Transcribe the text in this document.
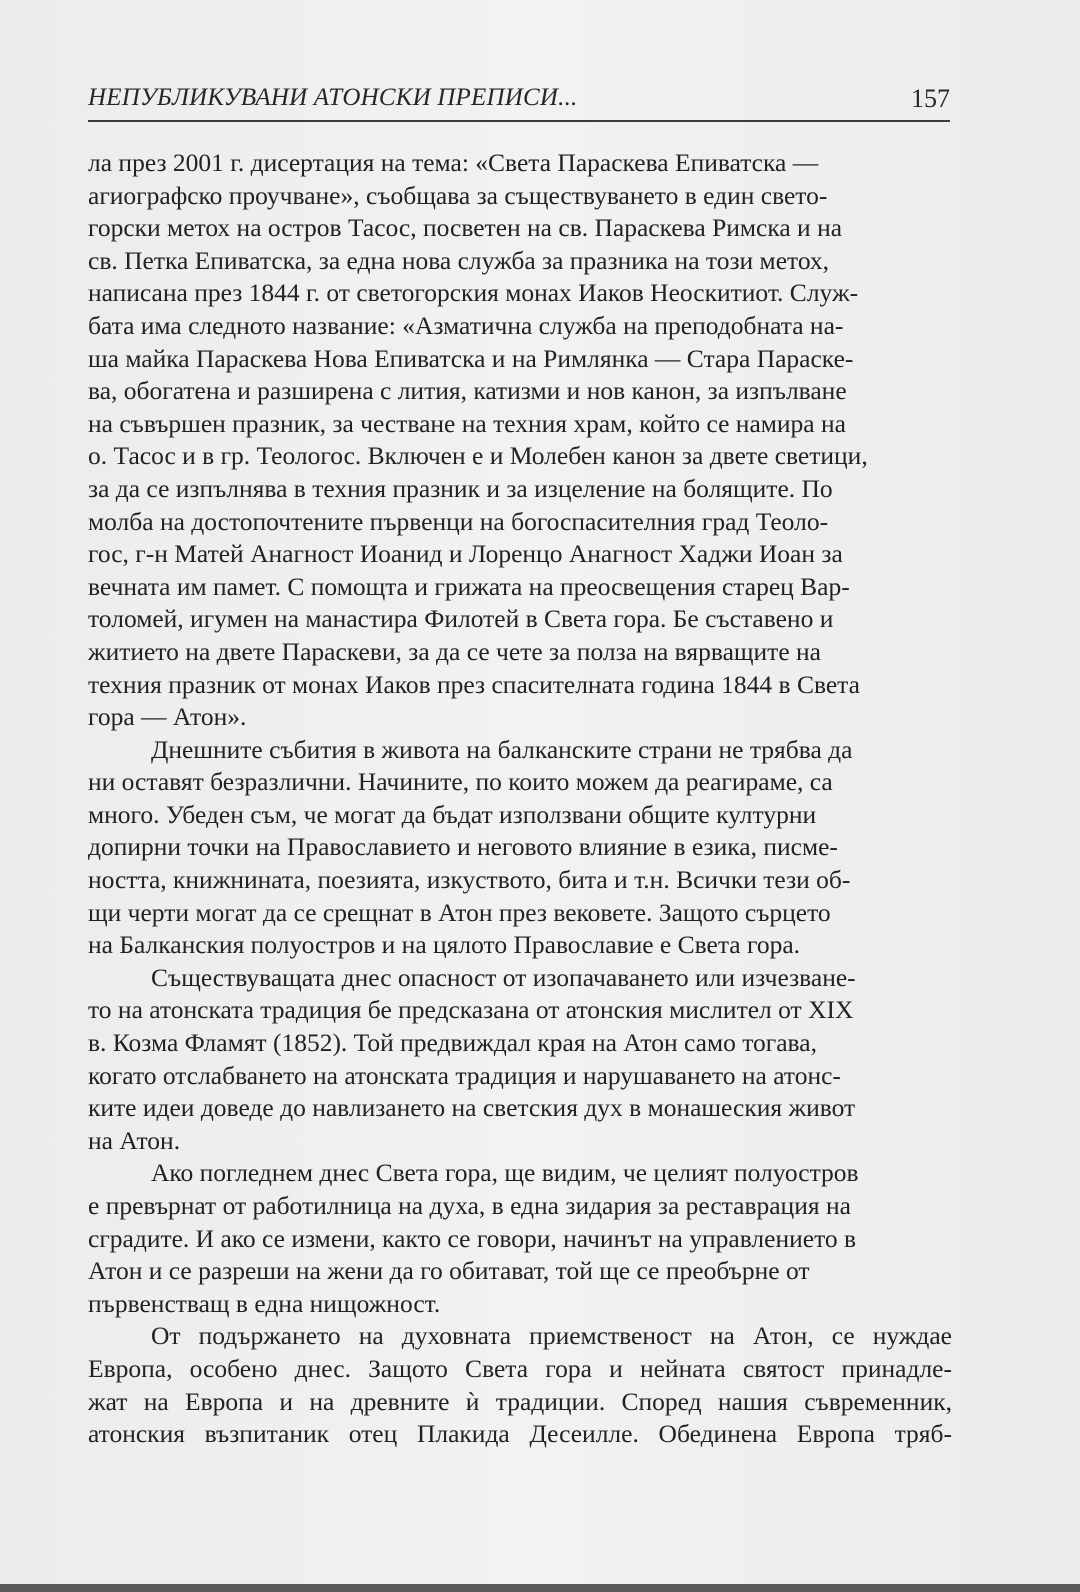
НЕПУБЛИКУВАНИ АТОНСКИ ПРЕПИСИ...	157

ла през 2001 г. дисертация на тема: «Света Параскева Епиватска —
агиографско проучване», съобщава за съществуването в един свето-
горски метох на остров Тасос, посветен на св. Параскева Римска и на
св. Петка Епиватска, за една нова служба за празника на този метох,
написана през 1844 г. от светогорския монах Иаков Неоскитиот. Служ-
бата има следното название: «Азматична служба на преподобната на-
ша майка Параскева Нова Епиватска и на Римлянка — Стара Параске-
ва, обогатена и разширена с лития, катизми и нов канон, за изпълване
на съвършен празник, за честване на техния храм, който се намира на
о. Тасос и в гр. Теологос. Включен е и Молебен канон за двете светици,
за да се изпълнява в техния празник и за изцеление на болящите. По
молба на достопочтените първенци на богоспасителния град Теоло-
гос, г-н Матей Анагност Иоанид и Лоренцо Анагност Хаджи Иоан за
вечната им памет. С помощта и грижата на преосвещения старец Вар-
толомей, игумен на манастира Филотей в Света гора. Бе съставено и
житието на двете Параскеви, за да се чете за полза на вярващите на
техния празник от монах Иаков през спасителната година 1844 в Света
гора — Атон».

Днешните събития в живота на балканските страни не трябва да
ни оставят безразлични. Начините, по които можем да реагираме, са
много. Убеден съм, че могат да бъдат използвани общите културни
допирни точки на Православието и неговото влияние в езика, писме-
ността, книжнината, поезията, изкуството, бита и т.н. Всички тези об-
щи черти могат да се срещнат в Атон през вековете. Защото сърцето
на Балканския полуостров и на цялото Православие е Света гора.

Съществуващата днес опасност от изопачаването или изчезване-
то на атонската традиция бе предсказана от атонския мислител от XIX
в. Козма Фламят (1852). Той предвиждал края на Атон само тогава,
когато отслабването на атонската традиция и нарушаването на атонс-
ките идеи доведе до навлизането на светския дух в монашеския живот
на Атон.

Ако погледнем днес Света гора, ще видим, че целият полуостров
е превърнат от работилница на духа, в една зидария за реставрация на
сградите. И ако се измени, както се говори, начинът на управлението в
Атон и се разреши на жени да го обитават, той ще се преобърне от
първенстващ в една нищожност.

От подържането на духовната приемственост на Атон, се нуждае
Европа, особено днес. Защото Света гора и нейната святост принадле-
жат на Европа и на древните ѝ традиции. Според нашия съвременник,
атонския възпитаник отец Плакида Десеилле. Обединена Европа тряб-
